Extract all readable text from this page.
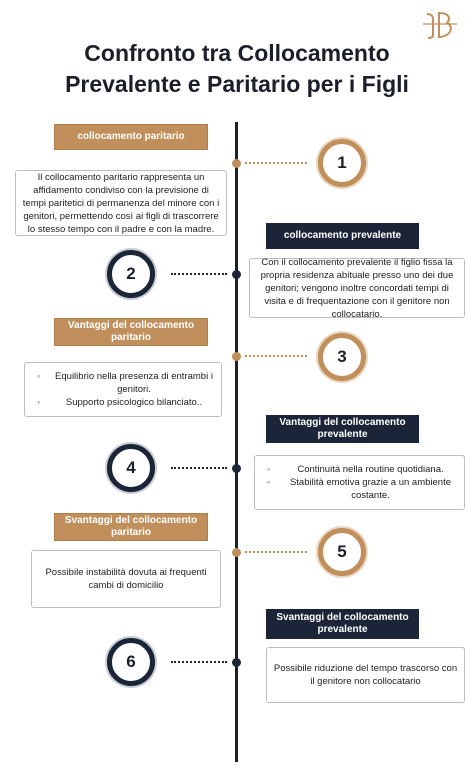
Confronto tra Collocamento
Prevalente e Paritario per i Figli
collocamento paritario
Il collocamento paritario rappresenta un affidamento condiviso con la previsione di tempi paritetici di permanenza del minore con i genitori, permettendo così ai figli di trascorrere lo stesso tempo con il padre e con la madre.
1
collocamento prevalente
Con il collocamento prevalente il figlio fissa la propria residenza abituale presso uno dei due genitori; vengono inoltre concordati tempi di visita e di frequentazione con il genitore non collocatario.
2
Vantaggi del collocamento paritario
◦ Equilibrio nella presenza di entrambi i genitori.
◦ Supporto psicologico bilanciato..
3
Vantaggi del collocamento prevalente
◦ Continuità nella routine quotidiana.
◦ Stabilità emotiva grazie a un ambiente costante.
4
Svantaggi del collocamento paritario
Possibile instabilità dovuta ai frequenti cambi di domicilio
5
Svantaggi del collocamento prevalente
Possibile riduzione del tempo trascorso con il genitore non collocatario
6
